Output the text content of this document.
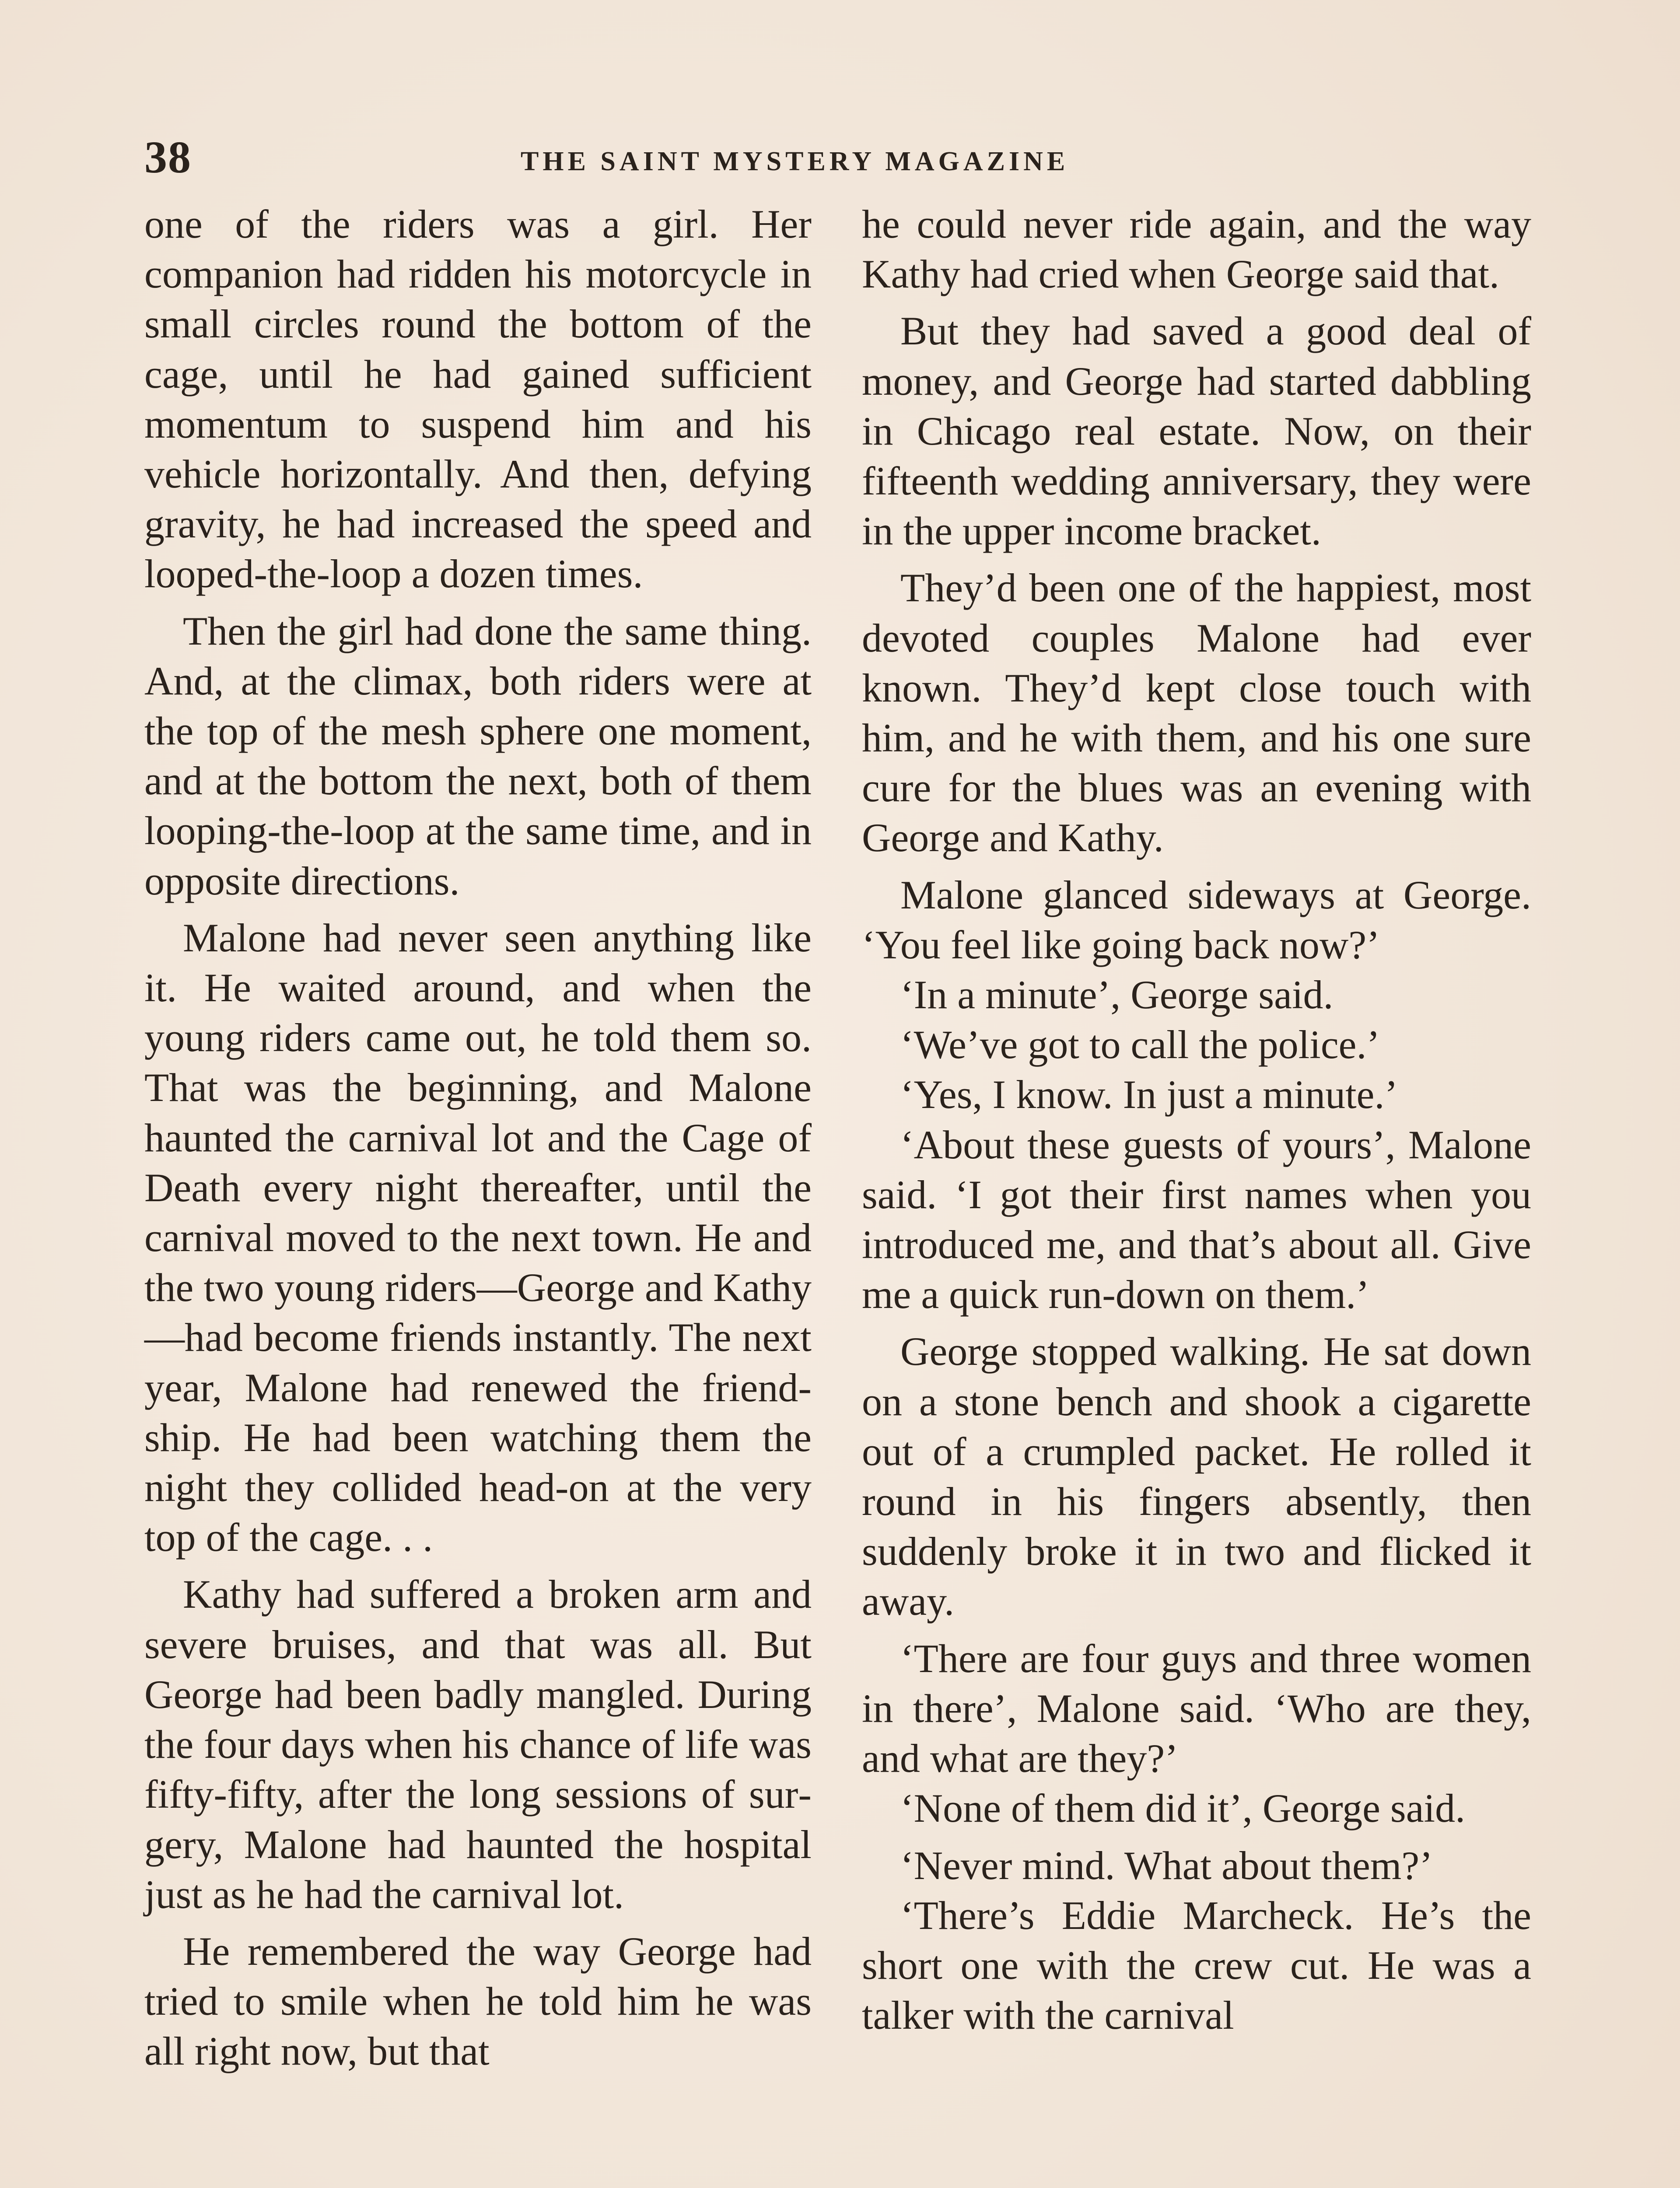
38	THE SAINT MYSTERY MAGAZINE

one of the riders was a girl. Her companion had ridden his motorcycle in small circles round the bottom of the cage, until he had gained sufficient momentum to suspend him and his vehicle horizontally. And then, defying gravity, he had increased the speed and looped-the-loop a dozen times.

Then the girl had done the same thing. And, at the climax, both riders were at the top of the mesh sphere one moment, and at the bottom the next, both of them looping-the-loop at the same time, and in opposite directions.

Malone had never seen anything like it. He waited around, and when the young riders came out, he told them so. That was the beginning, and Malone haunted the carnival lot and the Cage of Death every night thereafter, until the carnival moved to the next town. He and the two young riders—George and Kathy—had become friends instantly. The next year, Malone had renewed the friendship. He had been watching them the night they collided head-on at the very top of the cage. . .

Kathy had suffered a broken arm and severe bruises, and that was all. But George had been badly mangled. During the four days when his chance of life was fifty-fifty, after the long sessions of surgery, Malone had haunted the hospital just as he had the carnival lot.

He remembered the way George had tried to smile when he told him he was all right now, but that

he could never ride again, and the way Kathy had cried when George said that.

But they had saved a good deal of money, and George had started dabbling in Chicago real estate. Now, on their fifteenth wedding anniversary, they were in the upper income bracket.

They’d been one of the happiest, most devoted couples Malone had ever known. They’d kept close touch with him, and he with them, and his one sure cure for the blues was an evening with George and Kathy.

Malone glanced sideways at George. ‘You feel like going back now?’

‘In a minute’, George said.

‘We’ve got to call the police.’

‘Yes, I know. In just a minute.’

‘About these guests of yours’, Malone said. ‘I got their first names when you introduced me, and that’s about all. Give me a quick run-down on them.’

George stopped walking. He sat down on a stone bench and shook a cigarette out of a crumpled packet. He rolled it round in his fingers absently, then suddenly broke it in two and flicked it away.

‘There are four guys and three women in there’, Malone said. ‘Who are they, and what are they?’

‘None of them did it’, George said.

‘Never mind. What about them?’

‘There’s Eddie Marcheck. He’s the short one with the crew cut. He was a talker with the carnival
